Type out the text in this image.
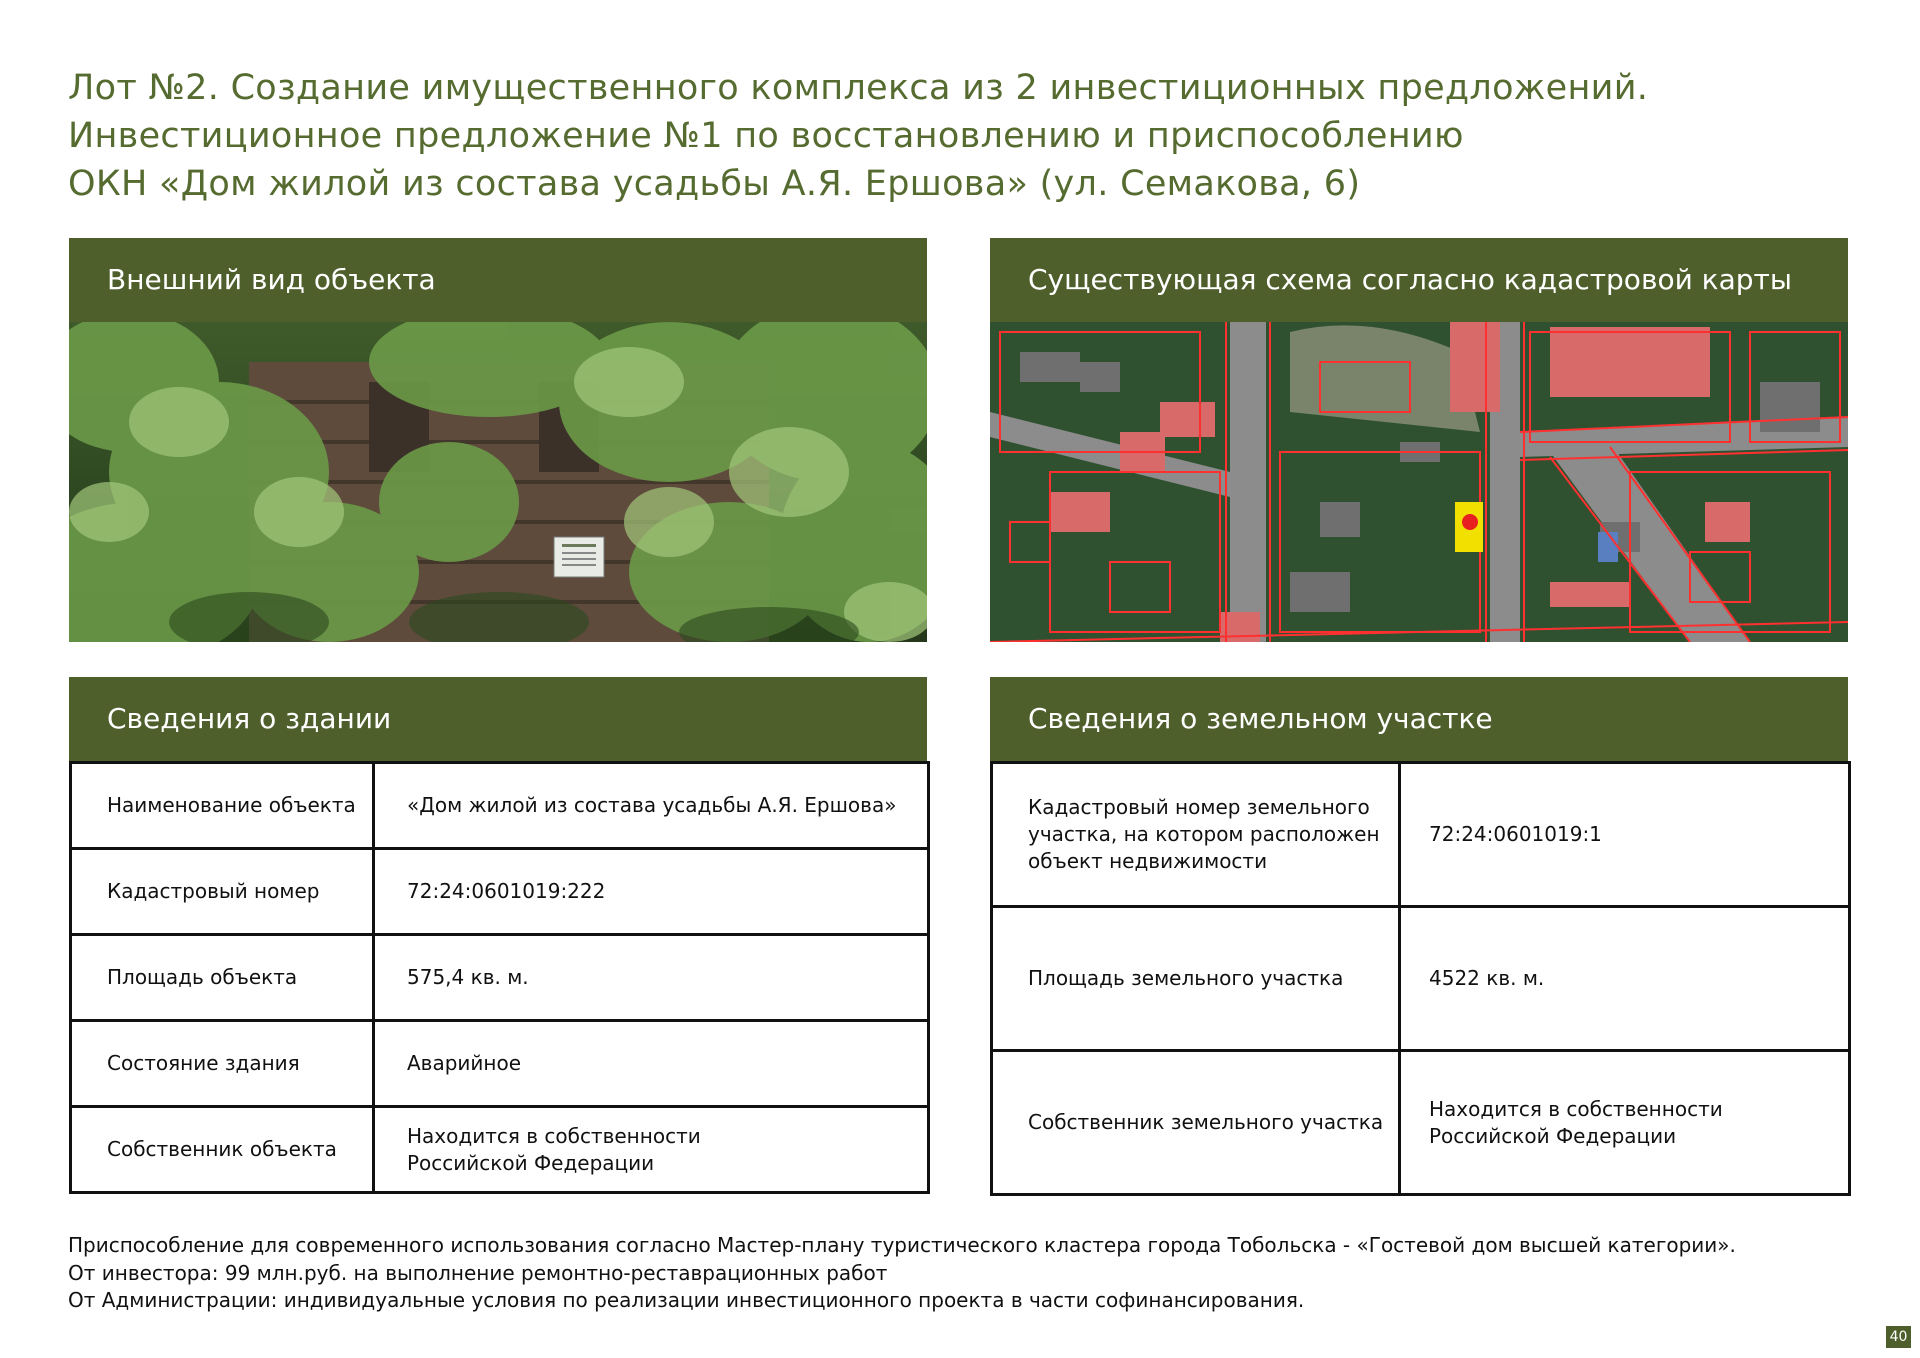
Лот №2. Создание имущественного комплекса из 2 инвестиционных предложений.
Инвестиционное предложение №1 по восстановлению и приспособлению
ОКН «Дом жилой из состава усадьбы А.Я. Ершова» (ул. Семакова, 6)
Внешний вид объекта	Существующая схема согласно кадастровой карты
Сведения о здании
Наименование объекта	«Дом жилой из состава усадьбы А.Я. Ершова»
Кадастровый номер	72:24:0601019:222
Площадь объекта	575,4 кв. м.
Состояние здания	Аварийное
Собственник объекта	Находится в собственности
Российской Федерации
Сведения о земельном участке
Кадастровый номер земельного
участка, на котором расположен
объект недвижимости	72:24:0601019:1
Площадь земельного участка	4522 кв. м.
Собственник земельного участка	Находится в собственности
Российской Федерации
Приспособление для современного использования согласно Мастер-плану туристического кластера города Тобольска - «Гостевой дом высшей категории».
От инвестора: 99 млн.руб. на выполнение ремонтно-реставрационных работ
От Администрации: индивидуальные условия по реализации инвестиционного проекта в части софинансирования.
40
